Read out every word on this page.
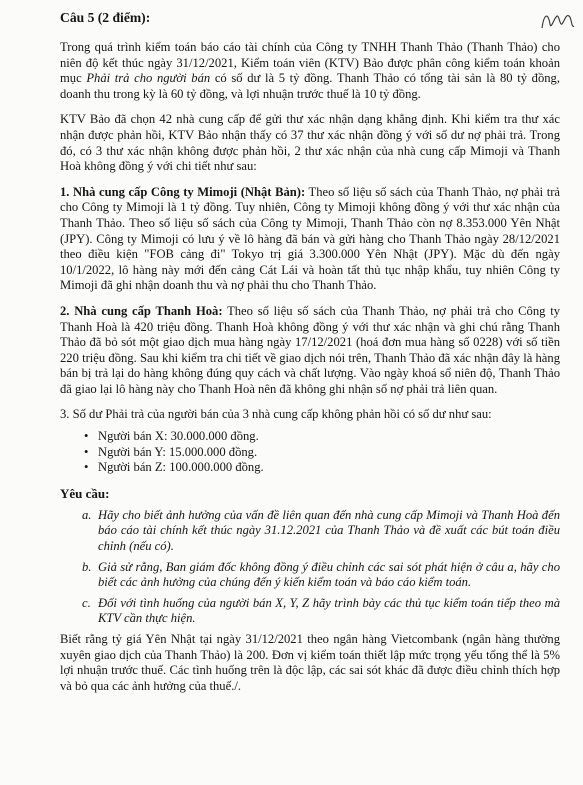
Câu 5 (2 điểm):

Trong quá trình kiểm toán báo cáo tài chính của Công ty TNHH Thanh Thảo (Thanh Thảo) cho niên độ kết thúc ngày 31/12/2021, Kiểm toán viên (KTV) Bảo được phân công kiểm toán khoản mục Phải trả cho người bán có số dư là 5 tỷ đồng. Thanh Thảo có tổng tài sản là 80 tỷ đồng, doanh thu trong kỳ là 60 tỷ đồng, và lợi nhuận trước thuế là 10 tỷ đồng.

KTV Bảo đã chọn 42 nhà cung cấp để gửi thư xác nhận dạng khẳng định. Khi kiểm tra thư xác nhận được phản hồi, KTV Bảo nhận thấy có 37 thư xác nhận đồng ý với số dư nợ phải trả. Trong đó, có 3 thư xác nhận không được phản hồi, 2 thư xác nhận của nhà cung cấp Mimoji và Thanh Hoà không đồng ý với chi tiết như sau:

1. Nhà cung cấp Công ty Mimoji (Nhật Bản): Theo số liệu số sách của Thanh Thảo, nợ phải trả cho Công ty Mimoji là 1 tỷ đồng. Tuy nhiên, Công ty Mimoji không đồng ý với thư xác nhận của Thanh Thảo. Theo số liệu số sách của Công ty Mimoji, Thanh Thảo còn nợ 8.353.000 Yên Nhật (JPY). Công ty Mimoji có lưu ý về lô hàng đã bán và gửi hàng cho Thanh Thảo ngày 28/12/2021 theo điều kiện "FOB cảng đi" Tokyo trị giá 3.300.000 Yên Nhật (JPY). Mặc dù đến ngày 10/1/2022, lô hàng này mới đến cảng Cát Lái và hoàn tất thủ tục nhập khẩu, tuy nhiên Công ty Mimoji đã ghi nhận doanh thu và nợ phải thu cho Thanh Thảo.

2. Nhà cung cấp Thanh Hoà: Theo số liệu số sách của Thanh Thảo, nợ phải trả cho Công ty Thanh Hoà là 420 triệu đồng. Thanh Hoà không đồng ý với thư xác nhận và ghi chú rằng Thanh Thảo đã bỏ sót một giao dịch mua hàng ngày 17/12/2021 (hoá đơn mua hàng số 0228) với số tiền 220 triệu đồng. Sau khi kiểm tra chi tiết về giao dịch nói trên, Thanh Thảo đã xác nhận đây là hàng bán bị trả lại do hàng không đúng quy cách và chất lượng. Vào ngày khoá sổ niên độ, Thanh Thảo đã giao lại lô hàng này cho Thanh Hoà nên đã không ghi nhận số nợ phải trả liên quan.

3. Số dư Phải trả của người bán của 3 nhà cung cấp không phản hồi có số dư như sau:

• Người bán X: 30.000.000 đồng.
• Người bán Y: 15.000.000 đồng.
• Người bán Z: 100.000.000 đồng.
Yêu cầu:
a. Hãy cho biết ảnh hưởng của vấn đề liên quan đến nhà cung cấp Mimoji và Thanh Hoà đến báo cáo tài chính kết thúc ngày 31.12.2021 của Thanh Thảo và đề xuất các bút toán điều chỉnh (nếu có).
b. Giả sử rằng, Ban giám đốc không đồng ý điều chỉnh các sai sót phát hiện ở câu a, hãy cho biết các ảnh hưởng của chúng đến ý kiến kiểm toán và báo cáo kiểm toán.
c. Đối với tình huống của người bán X, Y, Z hãy trình bày các thủ tục kiểm toán tiếp theo mà KTV cần thực hiện.

Biết rằng tỷ giá Yên Nhật tại ngày 31/12/2021 theo ngân hàng Vietcombank (ngân hàng thường xuyên giao dịch của Thanh Thảo) là 200. Đơn vị kiểm toán thiết lập mức trọng yếu tổng thể là 5% lợi nhuận trước thuế. Các tình huống trên là độc lập, các sai sót khác đã được điều chỉnh thích hợp và bỏ qua các ảnh hưởng của thuế./.
